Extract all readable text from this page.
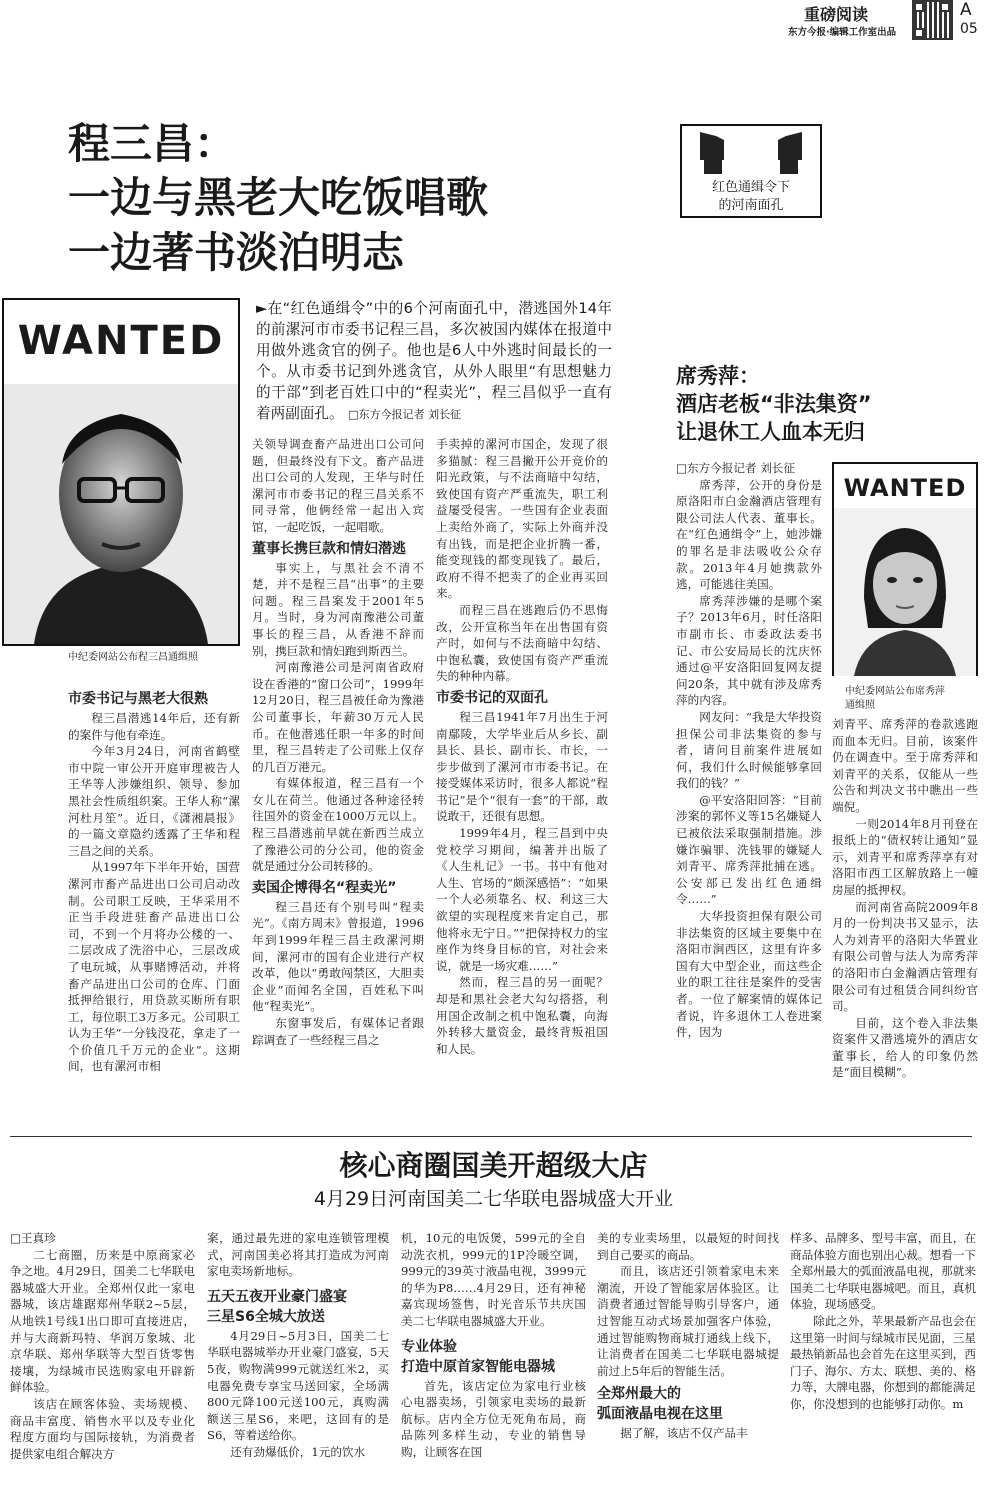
重磅阅读	A
05
东方今报·编辑工作室出品
程三昌：
一边与黑老大吃饭唱歌
一边著书淡泊明志
红色通缉令下
的河南面孔
WANTED
中纪委网站公布程三昌通缉照
►在“红色通缉令”中的6个河南面孔中，潜逃国外14年的前漯河市市委书记程三昌，多次被国内媒体在报道中用做外逃贪官的例子。他也是6人中外逃时间最长的一个。从市委书记到外逃贪官，从外人眼里“有思想魅力的干部”到老百姓口中的“程卖光”，程三昌似乎一直有着两副面孔。 □东方今报记者 刘长征
市委书记与黑老大很熟

程三昌潜逃14年后，还有新的案件与他有牵连。

今年3月24日，河南省鹤壁市中院一审公开开庭审理被告人王华等人涉嫌组织、领导、参加黑社会性质组织案。王华人称“漯河杜月笙”。近日，《潇湘晨报》的一篇文章隐约透露了王华和程三昌之间的关系。

从1997年下半年开始，国营漯河市畜产品进出口公司启动改制。公司职工反映，王华采用不正当手段进驻畜产品进出口公司，不到一个月将办公楼的一、二层改成了洗浴中心，三层改成了电玩城，从事赌博活动，并将畜产品进出口公司的仓库、门面抵押给银行，用贷款买断所有职工，每位职工3万多元。公司职工认为王华“一分钱没花，拿走了一个价值几千万元的企业”。这期间，也有漯河市相

关领导调查畜产品进出口公司问题，但最终没有下文。畜产品进出口公司的人发现，王华与时任漯河市市委书记的程三昌关系不同寻常，他俩经常一起出入宾馆，一起吃饭，一起唱歌。

董事长携巨款和情妇潜逃

事实上，与黑社会不清不楚，并不是程三昌“出事”的主要问题。程三昌案发于2001年5月。当时，身为河南豫港公司董事长的程三昌，从香港不辞而别，携巨款和情妇跑到斯西兰。

河南豫港公司是河南省政府设在香港的“窗口公司”，1999年12月20日，程三昌被任命为豫港公司董事长，年薪30万元人民币。在他潜逃任职一年多的时间里，程三昌转走了公司账上仅存的几百万港元。

有媒体报道，程三昌有一个女儿在荷兰。他通过各种途径转往国外的资金在1000万元以上。程三昌潜逃前早就在新西兰成立了豫港公司的分公司，他的资金就是通过分公司转移的。

卖国企博得名“程卖光”

程三昌还有个别号叫“程卖光”。《南方周末》曾报道，1996年到1999年程三昌主政漯河期间，漯河市的国有企业进行产权改革，他以“勇敢闯禁区，大胆卖企业”而闻名全国，百姓私下叫他“程卖光”。

东窗事发后，有媒体记者跟踪调查了一些经程三昌之

手卖掉的漯河市国企，发现了很多猫腻：程三昌撇开公开竞价的阳光政策，与不法商暗中勾结，致使国有资产严重流失，职工利益屡受侵害。一些国有企业表面上卖给外商了，实际上外商并没有出钱，而是把企业折腾一番，能变现钱的都变现钱了。最后，政府不得不把卖了的企业再买回来。

而程三昌在逃跑后仍不思悔改，公开宣称当年在出售国有资产时，如何与不法商暗中勾结、中饱私囊，致使国有资产严重流失的种种内幕。

市委书记的双面孔

程三昌1941年7月出生于河南鄢陵，大学毕业后从乡长、副县长、县长、副市长、市长，一步步做到了漯河市市委书记。在接受媒体采访时，很多人都说“程书记”是个“很有一套”的干部，敢说敢干，还很有思想。

1999年4月，程三昌到中央党校学习期间，编著并出版了《人生札记》一书。书中有他对人生、官场的“颇深感悟”：“如果一个人必须靠名、权、利这三大欲望的实现程度来肯定自己，那他将永无宁日。”“把保持权力的宝座作为终身目标的官，对社会来说，就是一场灾难……”

然而，程三昌的另一面呢？却是和黑社会老大勾勾搭搭，利用国企改制之机中饱私囊，向海外转移大量资金，最终背叛祖国和人民。

席秀萍：
酒店老板“非法集资”
让退休工人血本无归
WANTED
中纪委网站公布席秀萍
通缉照

□东方今报记者 刘长征

席秀萍，公开的身份是原洛阳市白金瀚酒店管理有限公司法人代表、董事长。在“红色通缉令”上，她涉嫌的罪名是非法吸收公众存款。2013年4月她携款外逃，可能逃往美国。

席秀萍涉嫌的是哪个案子？2013年6月，时任洛阳市副市长、市委政法委书记、市公安局局长的沈庆怀通过@平安洛阳回复网友提问20条，其中就有涉及席秀萍的内容。

网友问：“我是大华投资担保公司非法集资的参与者，请问目前案件进展如何，我们什么时候能够拿回我们的钱？”

@平安洛阳回答：“目前涉案的郭怀义等15名嫌疑人已被依法采取强制措施。涉嫌诈骗罪、洗钱罪的嫌疑人刘青平、席秀萍批捕在逃。公安部已发出红色通缉令……”

大华投资担保有限公司非法集资的区域主要集中在洛阳市涧西区，这里有许多国有大中型企业，而这些企业的职工往往是案件的受害者。一位了解案情的媒体记者说，许多退休工人卷进案件，因为

刘青平、席秀萍的卷款逃跑而血本无归。目前，该案件仍在调查中。至于席秀萍和刘青平的关系，仅能从一些公告和判决文书中瞧出一些端倪。

一则2014年8月刊登在报纸上的“债权转让通知”显示，刘青平和席秀萍享有对洛阳市西工区解放路上一幢房屋的抵押权。

而河南省高院2009年8月的一份判决书又显示，法人为刘青平的洛阳大华置业有限公司曾与法人为席秀萍的洛阳市白金瀚酒店管理有限公司有过租赁合同纠纷官司。

目前，这个卷入非法集资案件又潜逃境外的酒店女董事长，给人的印象仍然是“面目模糊”。

核心商圈国美开超级大店
4月29日河南国美二七华联电器城盛大开业

□王真珍

二七商圈，历来是中原商家必争之地。4月29日，国美二七华联电器城盛大开业。全郑州仅此一家电器城，该店雄踞郑州华联2~5层，从地铁1号线1出口即可直接进店，并与大商新玛特、华润万象城、北京华联、郑州华联等大型百货零售接壤，为绿城市民选购家电开辟新鲜体验。

该店在顾客体验、卖场规模、商品丰富度、销售水平以及专业化程度方面均与国际接轨，为消费者提供家电组合解决方

案，通过最先进的家电连锁管理模式，河南国美必将其打造成为河南家电卖场新地标。

五天五夜开业豪门盛宴
三星S6全城大放送

4月29日~5月3日，国美二七华联电器城举办开业豪门盛宴，5天5夜，购物满999元就送红米2，买电器免费专享宝马送回家，全场满800元降100元送100元，真购满额送三星S6，来吧，这回有的是S6，等着送给你。

还有劲爆低价，1元的饮水

机，10元的电饭煲，599元的全自动洗衣机，999元的1P冷暖空调，999元的39英寸液晶电视，3999元的华为P8……4月29日，还有神秘嘉宾现场签售，时光音乐节共庆国美二七华联电器城盛大开业。

专业体验
打造中原首家智能电器城

首先，该店定位为家电行业核心电器卖场，引领家电卖场的最新航标。店内全方位无死角布局，商品陈列多样生动，专业的销售导购，让顾客在国

美的专业卖场里，以最短的时间找到自己要买的商品。

而且，该店还引领着家电未来潮流，开设了智能家居体验区。让消费者通过智能导购引导客户，通过智能互动式场景加强客户体验，通过智能购物商城打通线上线下，让消费者在国美二七华联电器城提前过上5年后的智能生活。

全郑州最大的
弧面液晶电视在这里

据了解，该店不仅产品丰

样多、品牌多、型号丰富，而且，在商品体验方面也别出心裁。想看一下全郑州最大的弧面液晶电视，那就来国美二七华联电器城吧。而且，真机体验，现场感受。

除此之外，苹果最新产品也会在这里第一时间与绿城市民见面，三星最热销新品也会首先在这里买到，西门子、海尔、方太、联想、美的、格力等，大牌电器，你想到的都能满足你，你没想到的也能够打动你。m
